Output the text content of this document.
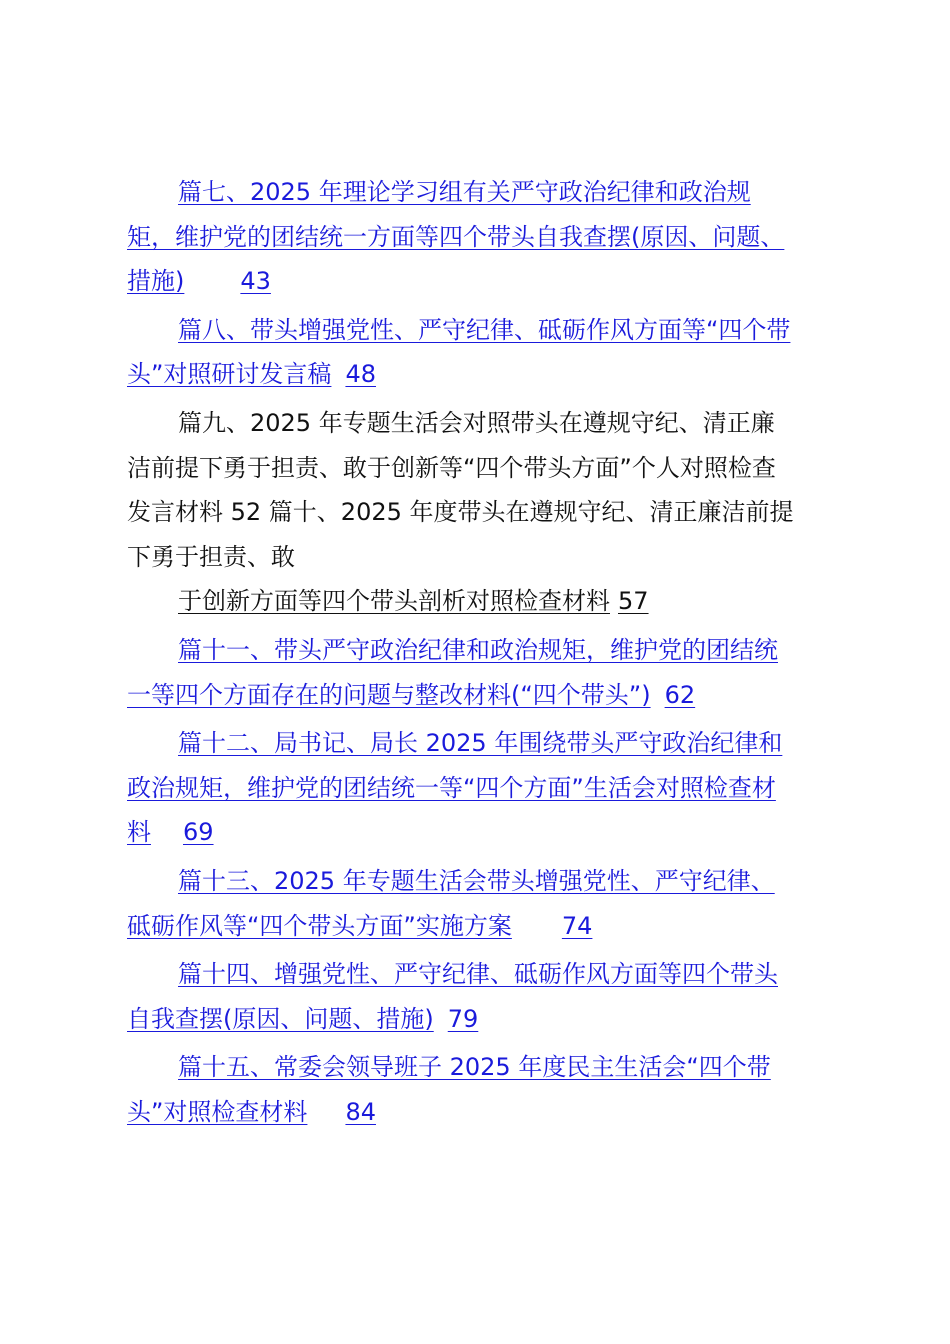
篇七、2025 年理论学习组有关严守政治纪律和政治规
矩，维护党的团结统一方面等四个带头自我查摆(原因、问题、
措施) 43
篇八、带头增强党性、严守纪律、砥砺作风方面等“四个带
头”对照研讨发言稿 48
篇九、2025 年专题生活会对照带头在遵规守纪、清正廉
洁前提下勇于担责、敢于创新等“四个带头方面”个人对照检查
发言材料 52 篇十、2025 年度带头在遵规守纪、清正廉洁前提
下勇于担责、敢
于创新方面等四个带头剖析对照检查材料 57
篇十一、带头严守政治纪律和政治规矩，维护党的团结统
一等四个方面存在的问题与整改材料(“四个带头”) 62
篇十二、局书记、局长 2025 年围绕带头严守政治纪律和
政治规矩，维护党的团结统一等“四个方面”生活会对照检查材
料 69
篇十三、2025 年专题生活会带头增强党性、严守纪律、
砥砺作风等“四个带头方面”实施方案 74
篇十四、增强党性、严守纪律、砥砺作风方面等四个带头
自我查摆(原因、问题、措施) 79
篇十五、常委会领导班子 2025 年度民主生活会“四个带
头”对照检查材料 84
